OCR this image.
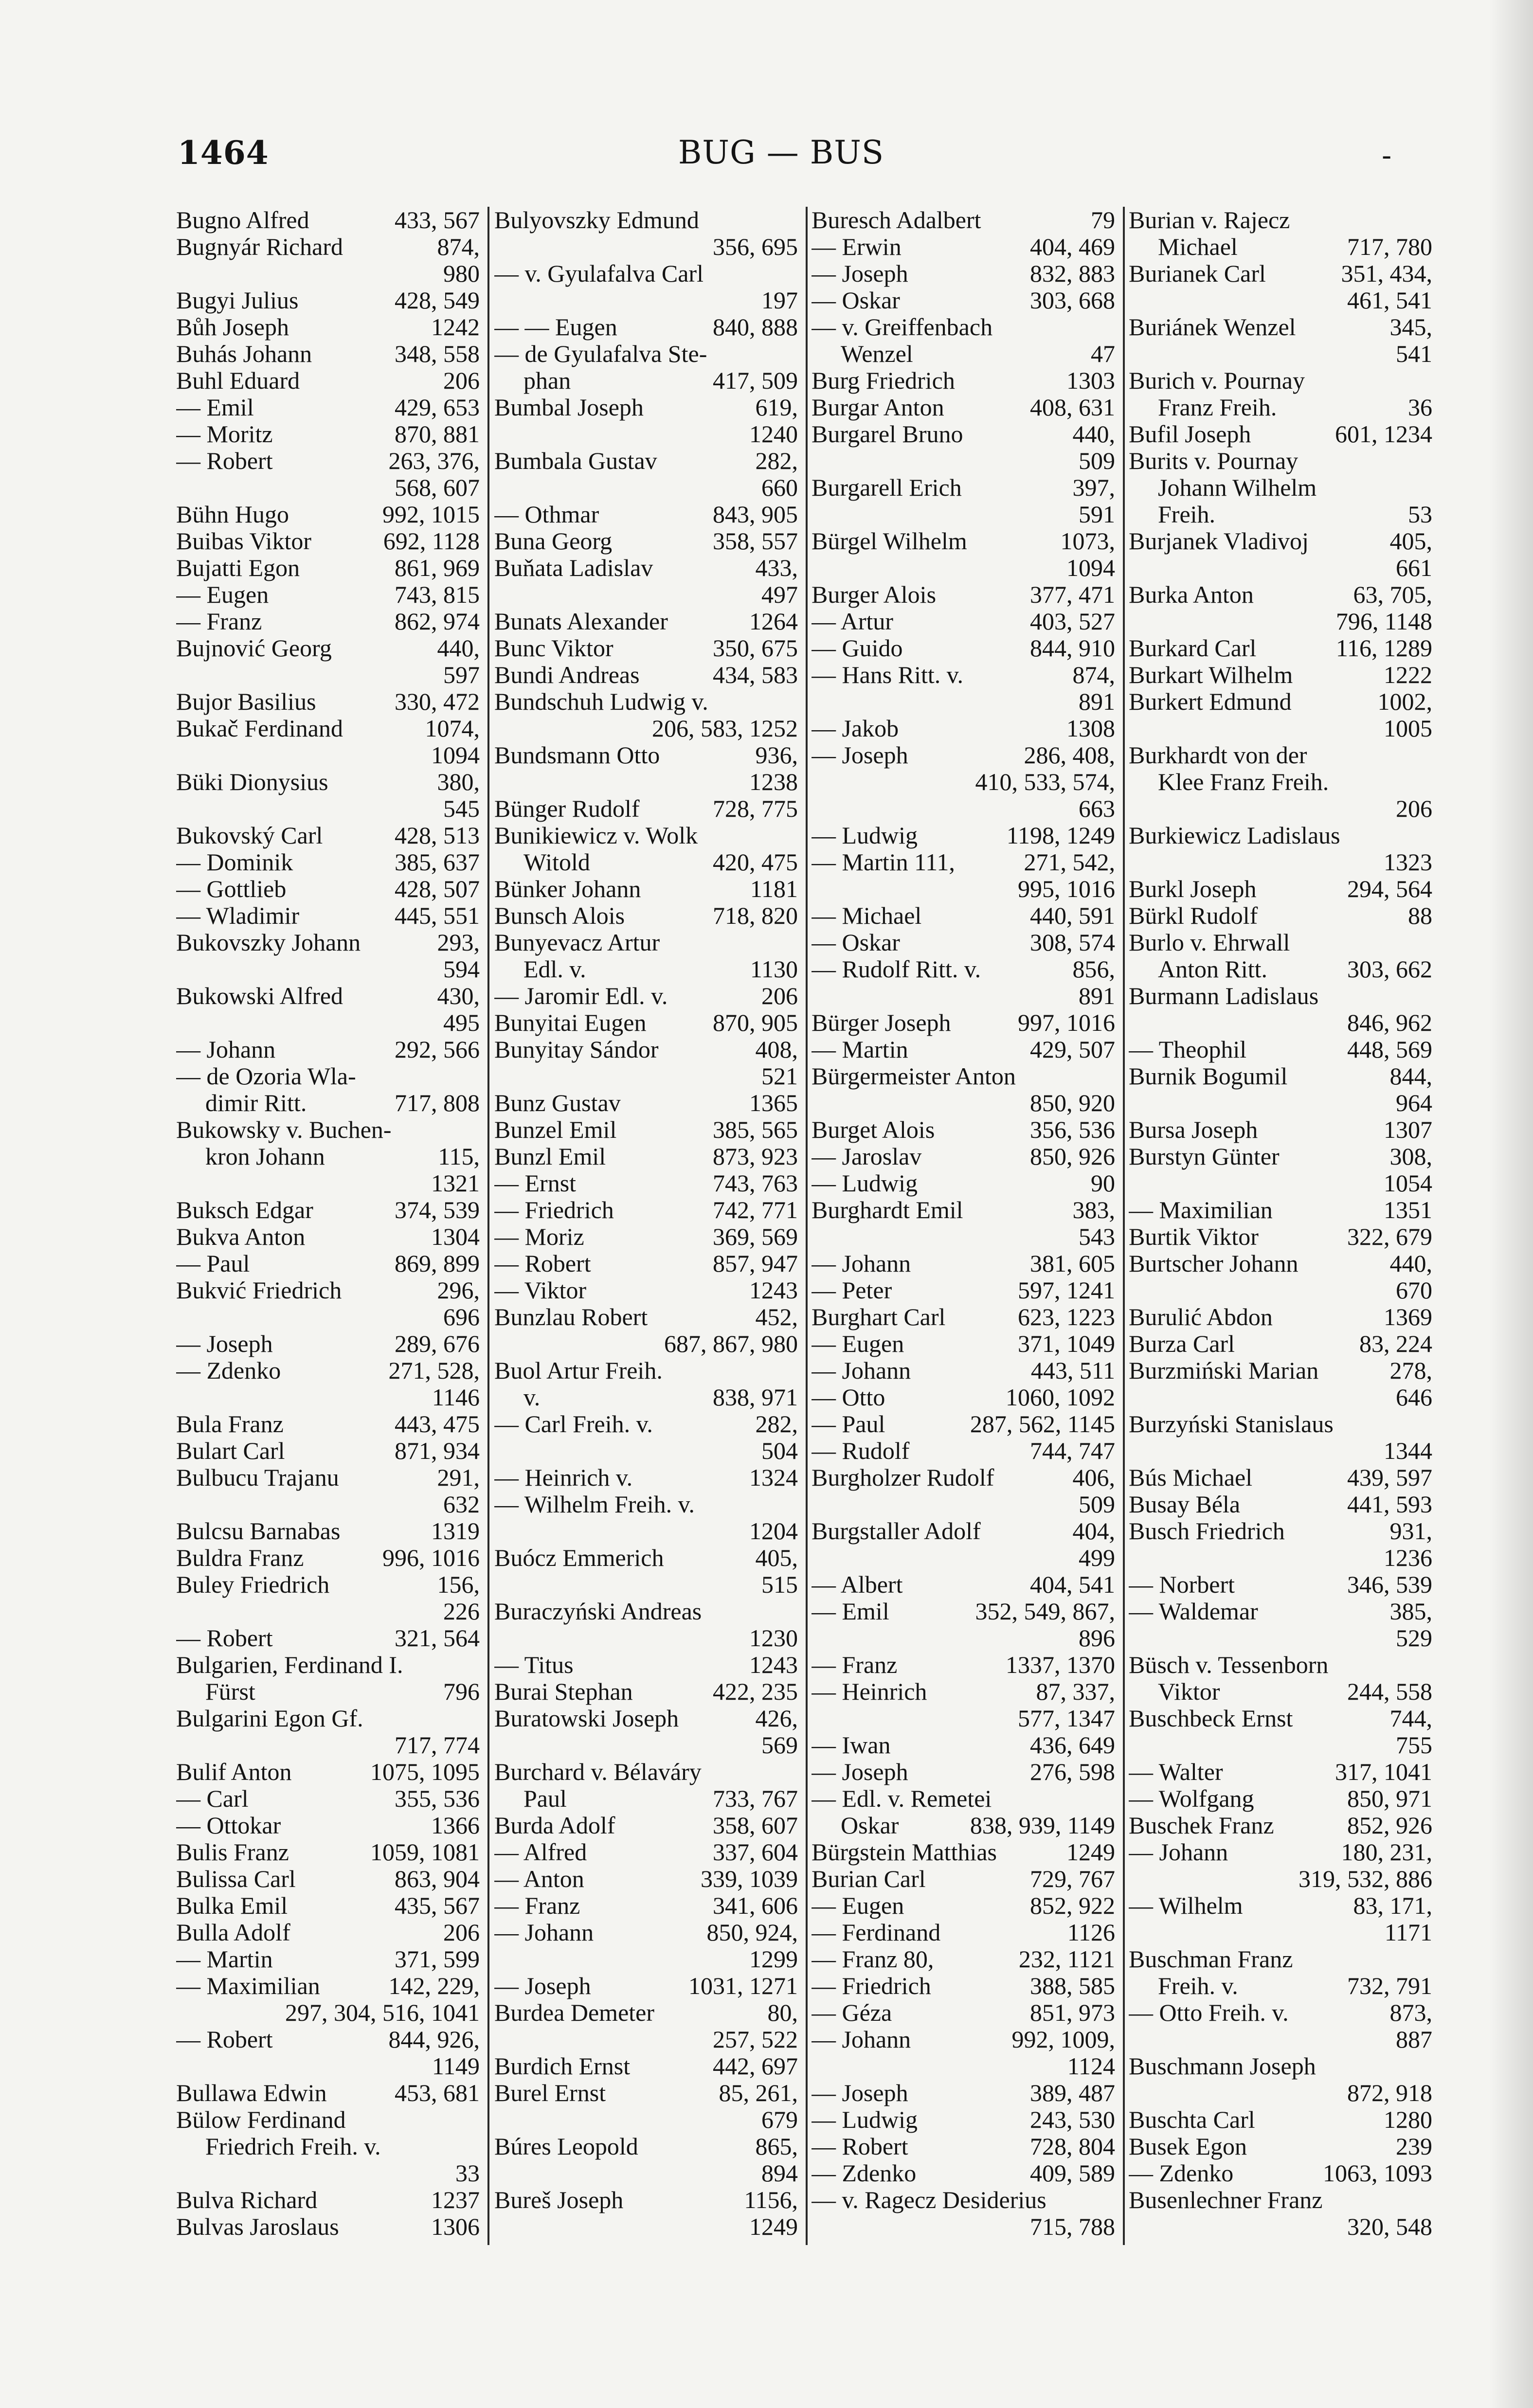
1464	BUG — BUS	-
Bugno Alfred	433, 567
Bugnyár Richard	874,
980
Bugyi Julius	428, 549
Bůh Joseph	1242
Buhás Johann	348, 558
Buhl Eduard	206
— Emil	429, 653
— Moritz	870, 881
— Robert	263, 376,
568, 607
Bühn Hugo	992, 1015
Buibas Viktor	692, 1128
Bujatti Egon	861, 969
— Eugen	743, 815
— Franz	862, 974
Bujnović Georg	440,
597
Bujor Basilius	330, 472
Bukač Ferdinand	1074,
1094
Büki Dionysius	380,
545
Bukovský Carl	428, 513
— Dominik	385, 637
— Gottlieb	428, 507
— Wladimir	445, 551
Bukovszky Johann	293,
594
Bukowski Alfred	430,
495
— Johann	292, 566
— de Ozoria Wla-
dimir Ritt.	717, 808
Bukowsky v. Buchen-
kron Johann	115,
1321
Buksch Edgar	374, 539
Bukva Anton	1304
— Paul	869, 899
Bukvić Friedrich	296,
696
— Joseph	289, 676
— Zdenko	271, 528,
1146
Bula Franz	443, 475
Bulart Carl	871, 934
Bulbucu Trajanu	291,
632
Bulcsu Barnabas	1319
Buldra Franz	996, 1016
Buley Friedrich	156,
226
— Robert	321, 564
Bulgarien, Ferdinand I.
Fürst	796
Bulgarini Egon Gf.
717, 774
Bulif Anton	1075, 1095
— Carl	355, 536
— Ottokar	1366
Bulis Franz	1059, 1081
Bulissa Carl	863, 904
Bulka Emil	435, 567
Bulla Adolf	206
— Martin	371, 599
— Maximilian	142, 229,
297, 304, 516, 1041
— Robert	844, 926,
1149
Bullawa Edwin	453, 681
Bülow Ferdinand
Friedrich Freih. v.
33
Bulva Richard	1237
Bulvas Jaroslaus	1306
Bulyovszky Edmund
356, 695
— v. Gyulafalva Carl
197
— — Eugen	840, 888
— de Gyulafalva Ste-
phan	417, 509
Bumbal Joseph	619,
1240
Bumbala Gustav	282,
660
— Othmar	843, 905
Buna Georg	358, 557
Buňata Ladislav	433,
497
Bunats Alexander	1264
Bunc Viktor	350, 675
Bundi Andreas	434, 583
Bundschuh Ludwig v.
206, 583, 1252
Bundsmann Otto	936,
1238
Bünger Rudolf	728, 775
Bunikiewicz v. Wolk
Witold	420, 475
Bünker Johann	1181
Bunsch Alois	718, 820
Bunyevacz Artur
Edl. v.	1130
— Jaromir Edl. v.	206
Bunyitai Eugen	870, 905
Bunyitay Sándor	408,
521
Bunz Gustav	1365
Bunzel Emil	385, 565
Bunzl Emil	873, 923
— Ernst	743, 763
— Friedrich	742, 771
— Moriz	369, 569
— Robert	857, 947
— Viktor	1243
Bunzlau Robert	452,
687, 867, 980
Buol Artur Freih.
v.	838, 971
— Carl Freih. v.	282,
504
— Heinrich v.	1324
— Wilhelm Freih. v.
1204
Buócz Emmerich	405,
515
Buraczyński Andreas
1230
— Titus	1243
Burai Stephan	422, 235
Buratowski Joseph	426,
569
Burchard v. Bélaváry
Paul	733, 767
Burda Adolf	358, 607
— Alfred	337, 604
— Anton	339, 1039
— Franz	341, 606
— Johann	850, 924,
1299
— Joseph	1031, 1271
Burdea Demeter	80,
257, 522
Burdich Ernst	442, 697
Burel Ernst	85, 261,
679
Búres Leopold	865,
894
Bureš Joseph	1156,
1249
Buresch Adalbert	79
— Erwin	404, 469
— Joseph	832, 883
— Oskar	303, 668
— v. Greiffenbach
Wenzel	47
Burg Friedrich	1303
Burgar Anton	408, 631
Burgarel Bruno	440,
509
Burgarell Erich	397,
591
Bürgel Wilhelm	1073,
1094
Burger Alois	377, 471
— Artur	403, 527
— Guido	844, 910
— Hans Ritt. v.	874,
891
— Jakob	1308
— Joseph	286, 408,
410, 533, 574,
663
— Ludwig	1198, 1249
— Martin 111,	271, 542,
995, 1016
— Michael	440, 591
— Oskar	308, 574
— Rudolf Ritt. v.	856,
891
Bürger Joseph	997, 1016
— Martin	429, 507
Bürgermeister Anton
850, 920
Burget Alois	356, 536
— Jaroslav	850, 926
— Ludwig	90
Burghardt Emil	383,
543
— Johann	381, 605
— Peter	597, 1241
Burghart Carl	623, 1223
— Eugen	371, 1049
— Johann	443, 511
— Otto	1060, 1092
— Paul	287, 562, 1145
— Rudolf	744, 747
Burgholzer Rudolf	406,
509
Burgstaller Adolf	404,
499
— Albert	404, 541
— Emil	352, 549, 867,
896
— Franz	1337, 1370
— Heinrich	87, 337,
577, 1347
— Iwan	436, 649
— Joseph	276, 598
— Edl. v. Remetei
Oskar	838, 939, 1149
Bürgstein Matthias	1249
Burian Carl	729, 767
— Eugen	852, 922
— Ferdinand	1126
— Franz 80,	232, 1121
— Friedrich	388, 585
— Géza	851, 973
— Johann	992, 1009,
1124
— Joseph	389, 487
— Ludwig	243, 530
— Robert	728, 804
— Zdenko	409, 589
— v. Ragecz Desiderius
715, 788
Burian v. Rajecz
Michael	717, 780
Burianek Carl	351, 434,
461, 541
Buriánek Wenzel	345,
541
Burich v. Pournay
Franz Freih.	36
Bufil Joseph	601, 1234
Burits v. Pournay
Johann Wilhelm
Freih.	53
Burjanek Vladivoj	405,
661
Burka Anton	63, 705,
796, 1148
Burkard Carl	116, 1289
Burkart Wilhelm	1222
Burkert Edmund	1002,
1005
Burkhardt von der
Klee Franz Freih.
206
Burkiewicz Ladislaus
1323
Burkl Joseph	294, 564
Bürkl Rudolf	88
Burlo v. Ehrwall
Anton Ritt.	303, 662
Burmann Ladislaus
846, 962
— Theophil	448, 569
Burnik Bogumil	844,
964
Bursa Joseph	1307
Burstyn Günter	308,
1054
— Maximilian	1351
Burtik Viktor	322, 679
Burtscher Johann	440,
670
Burulić Abdon	1369
Burza Carl	83, 224
Burzmiński Marian	278,
646
Burzyński Stanislaus
1344
Bús Michael	439, 597
Busay Béla	441, 593
Busch Friedrich	931,
1236
— Norbert	346, 539
— Waldemar	385,
529
Büsch v. Tessenborn
Viktor	244, 558
Buschbeck Ernst	744,
755
— Walter	317, 1041
— Wolfgang	850, 971
Buschek Franz	852, 926
— Johann	180, 231,
319, 532, 886
— Wilhelm	83, 171,
1171
Buschman Franz
Freih. v.	732, 791
— Otto Freih. v.	873,
887
Buschmann Joseph
872, 918
Buschta Carl	1280
Busek Egon	239
— Zdenko	1063, 1093
Busenlechner Franz
320, 548
